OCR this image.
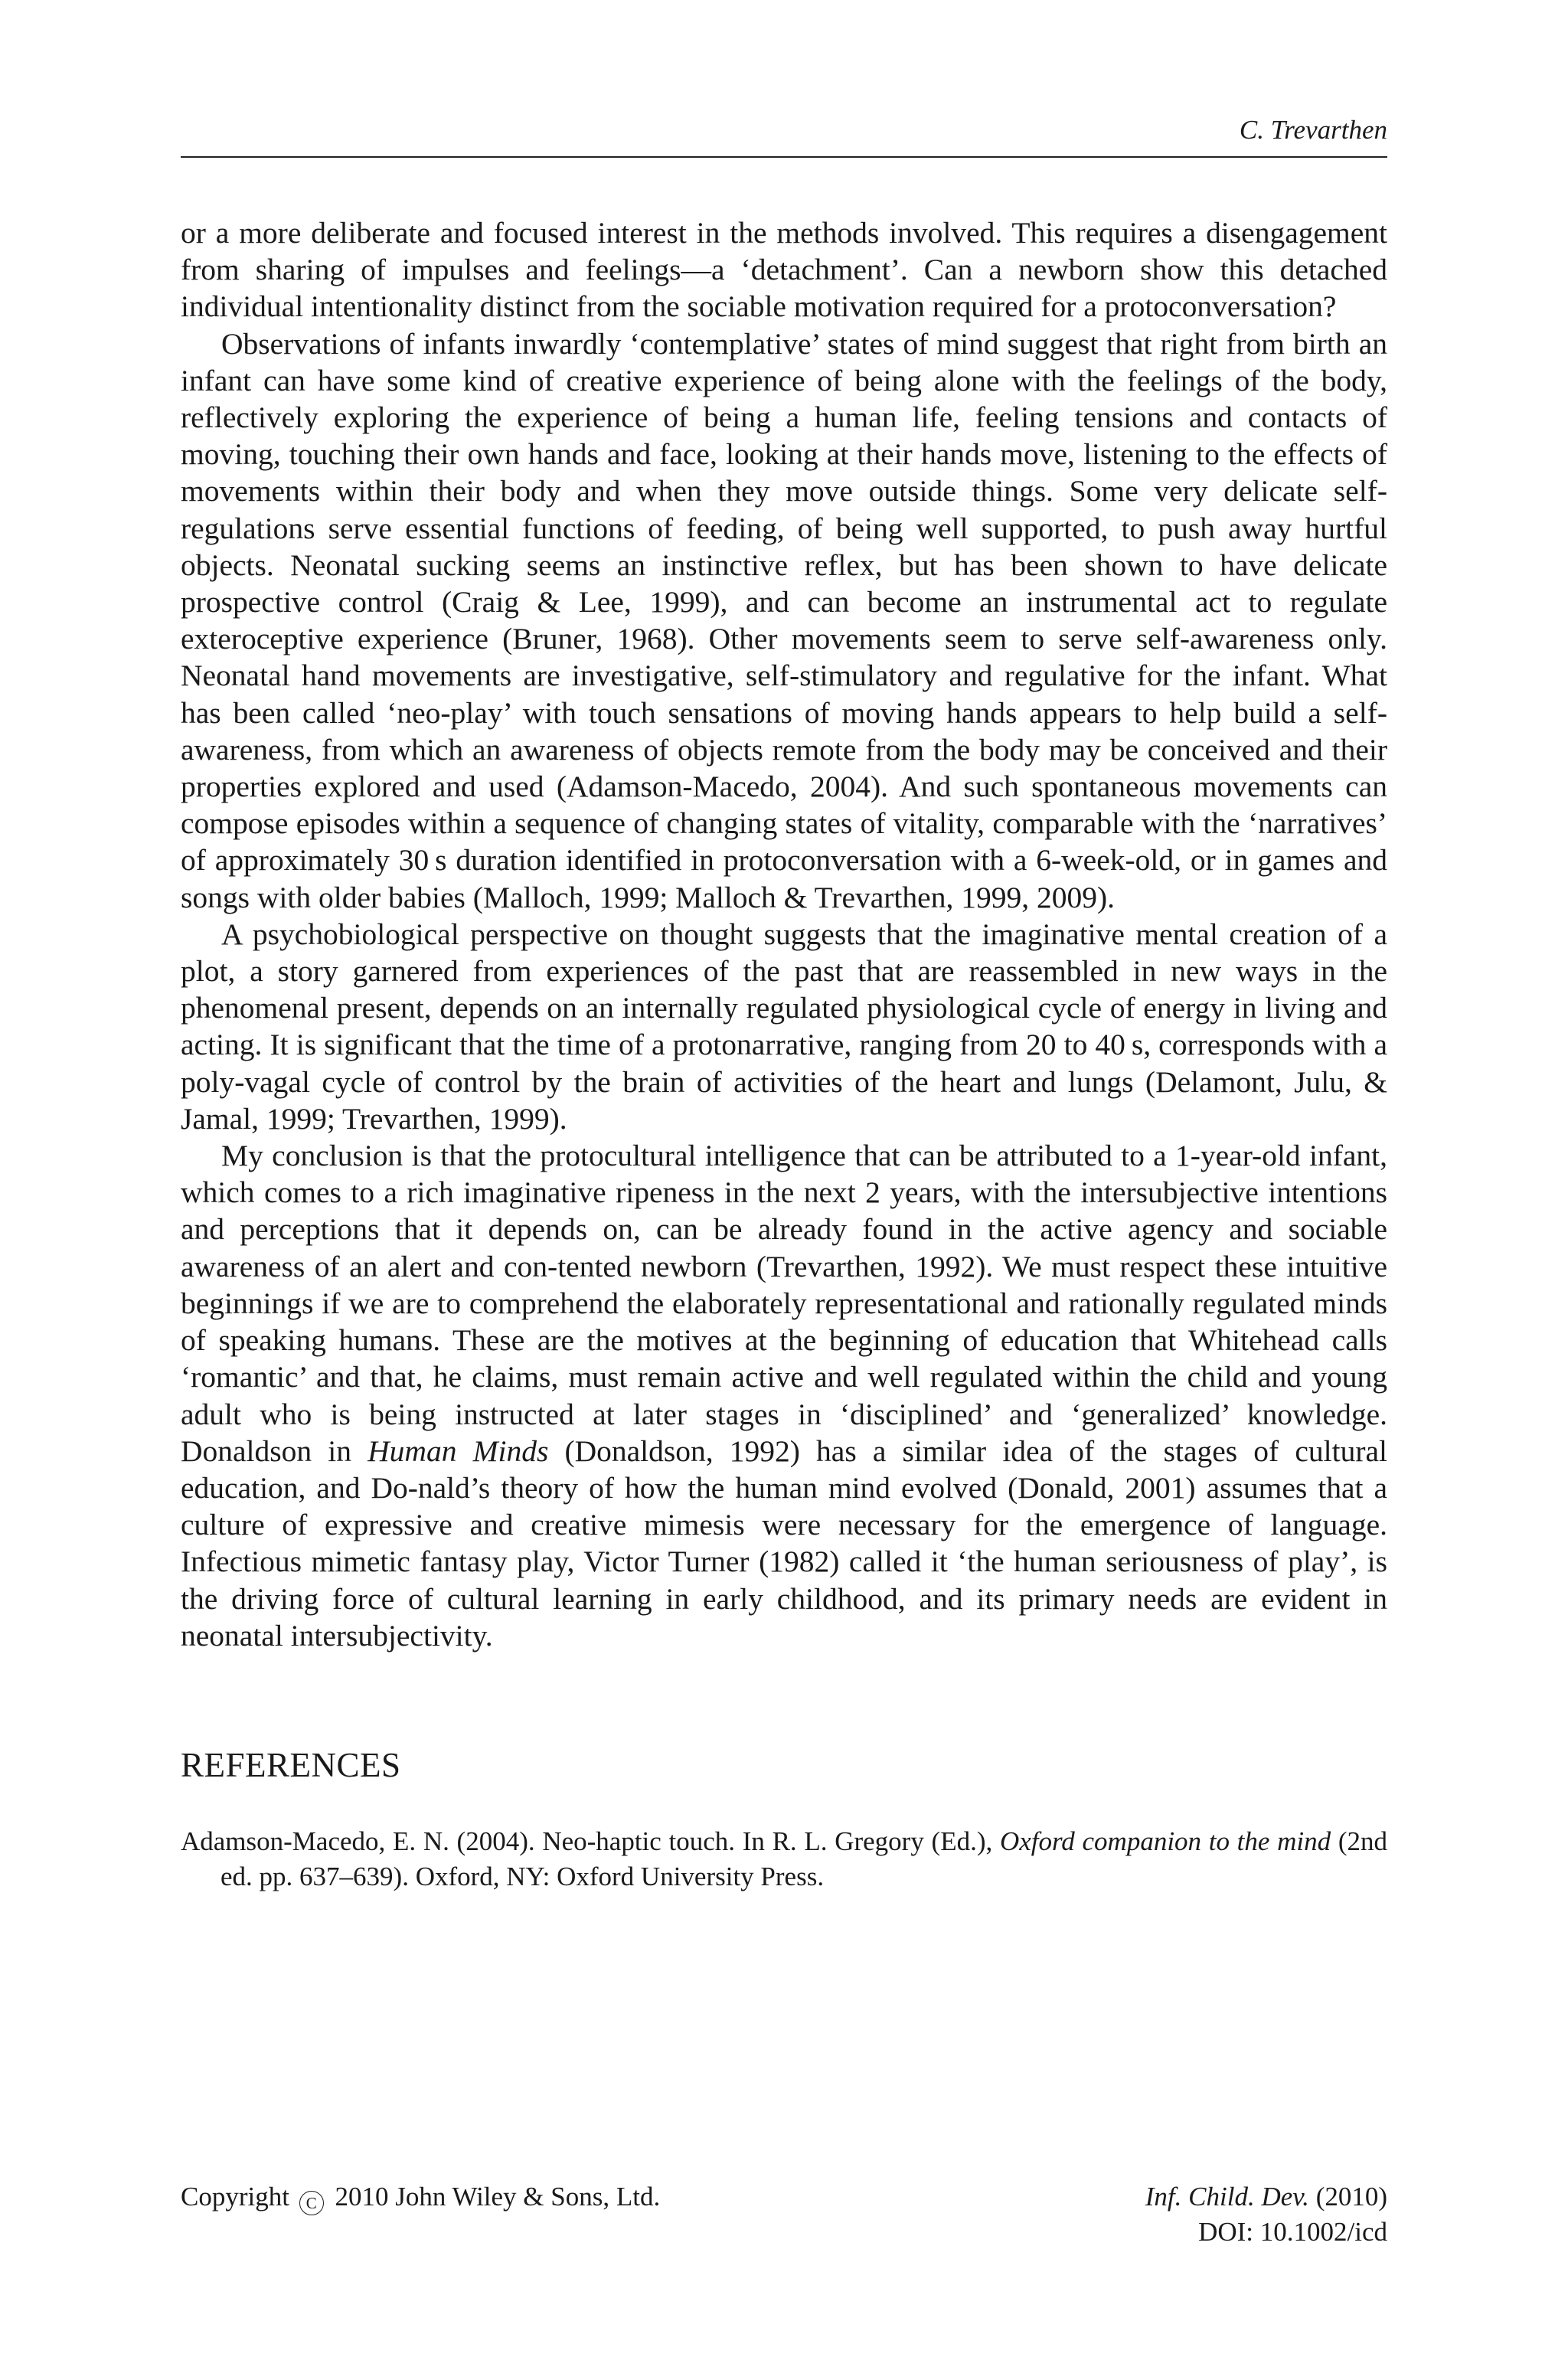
C. Trevarthen

or a more deliberate and focused interest in the methods involved. This requires a disengagement from sharing of impulses and feelings—a ‘detachment’. Can a newborn show this detached individual intentionality distinct from the sociable motivation required for a protoconversation?

Observations of infants inwardly ‘contemplative’ states of mind suggest that right from birth an infant can have some kind of creative experience of being alone with the feelings of the body, reflectively exploring the experience of being a human life, feeling tensions and contacts of moving, touching their own hands and face, looking at their hands move, listening to the effects of movements within their body and when they move outside things. Some very delicate self-regulations serve essential functions of feeding, of being well supported, to push away hurtful objects. Neonatal sucking seems an instinctive reflex, but has been shown to have delicate prospective control (Craig & Lee, 1999), and can become an instrumental act to regulate exteroceptive experience (Bruner, 1968). Other movements seem to serve self-awareness only. Neonatal hand movements are investigative, self-stimulatory and regulative for the infant. What has been called ‘neo-play’ with touch sensations of moving hands appears to help build a self-awareness, from which an awareness of objects remote from the body may be conceived and their properties explored and used (Adamson-Macedo, 2004). And such spontaneous movements can compose episodes within a sequence of changing states of vitality, comparable with the ‘narratives’ of approximately 30 s duration identified in protoconversation with a 6-week-old, or in games and songs with older babies (Malloch, 1999; Malloch & Trevarthen, 1999, 2009).

A psychobiological perspective on thought suggests that the imaginative mental creation of a plot, a story garnered from experiences of the past that are reassembled in new ways in the phenomenal present, depends on an internally regulated physiological cycle of energy in living and acting. It is significant that the time of a protonarrative, ranging from 20 to 40 s, corresponds with a poly-vagal cycle of control by the brain of activities of the heart and lungs (Delamont, Julu, & Jamal, 1999; Trevarthen, 1999).

My conclusion is that the protocultural intelligence that can be attributed to a 1-year-old infant, which comes to a rich imaginative ripeness in the next 2 years, with the intersubjective intentions and perceptions that it depends on, can be already found in the active agency and sociable awareness of an alert and con-tented newborn (Trevarthen, 1992). We must respect these intuitive beginnings if we are to comprehend the elaborately representational and rationally regulated minds of speaking humans. These are the motives at the beginning of education that Whitehead calls ‘romantic’ and that, he claims, must remain active and well regulated within the child and young adult who is being instructed at later stages in ‘disciplined’ and ‘generalized’ knowledge. Donaldson in Human Minds (Donaldson, 1992) has a similar idea of the stages of cultural education, and Do-nald’s theory of how the human mind evolved (Donald, 2001) assumes that a culture of expressive and creative mimesis were necessary for the emergence of language. Infectious mimetic fantasy play, Victor Turner (1982) called it ‘the human seriousness of play’, is the driving force of cultural learning in early childhood, and its primary needs are evident in neonatal intersubjectivity.

REFERENCES
Adamson-Macedo, E. N. (2004). Neo-haptic touch. In R. L. Gregory (Ed.), Oxford companion to the mind (2nd ed. pp. 637–639). Oxford, NY: Oxford University Press.
Copyright C 2010 John Wiley & Sons, Ltd.	Inf. Child. Dev. (2010)
DOI: 10.1002/icd
